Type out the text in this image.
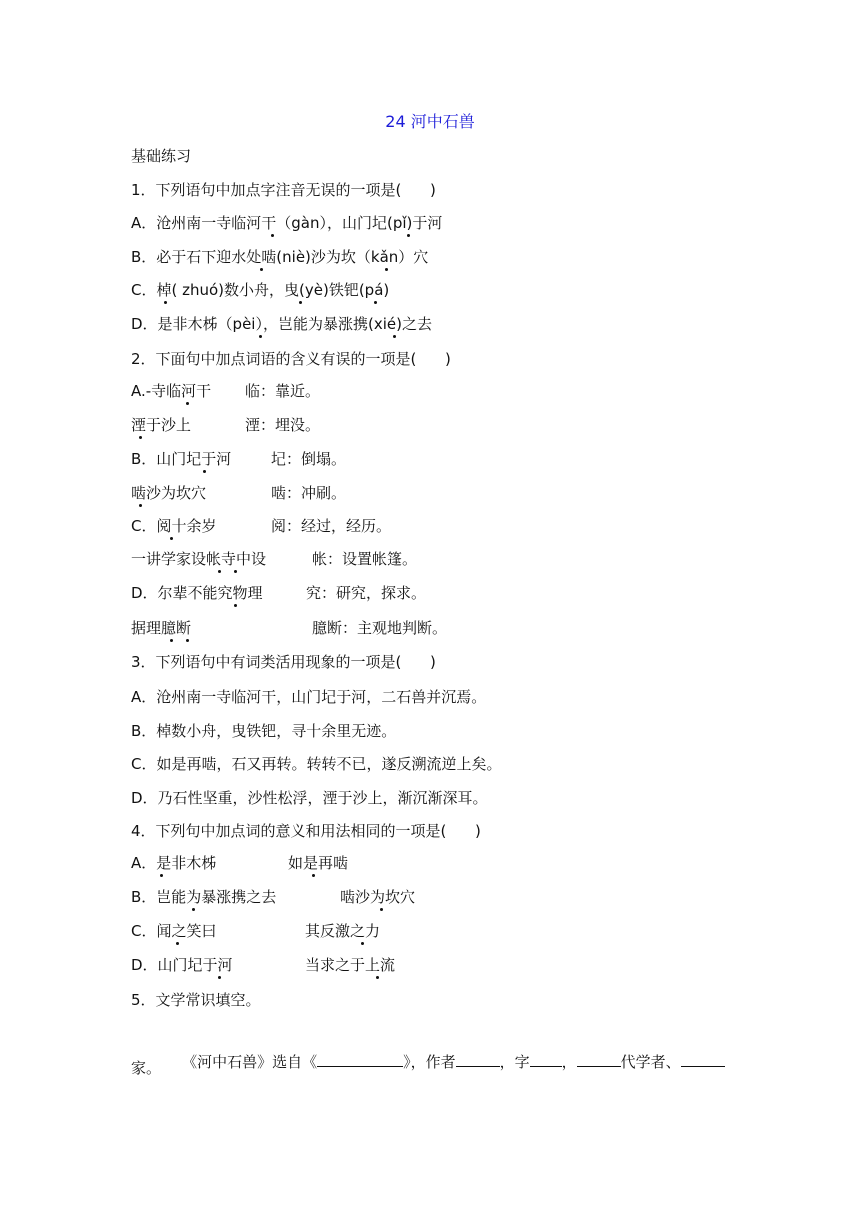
24 河中石兽
基础练习
1．下列语句中加点字注音无误的一项是(      )
A．沧州南一寺临河干（gàn），山门圮(pǐ)于河
B．必于石下迎水处啮(niè)沙为坎（kǎn）穴
C．棹( zhuó)数小舟，曳(yè)铁钯(pá)
D．是非木柹（pèi），岂能为暴涨携(xié)之去
2．下面句中加点词语的含义有误的一项是(      )
A.-寺临河干 临：靠近。
湮于沙上	湮：埋没。
B．山门圮于河	圮：倒塌。
啮沙为坎穴	啮：冲刷。
C．阅十余岁	阅：经过，经历。
一讲学家设帐寺中设	帐：设置帐篷。
D．尔辈不能究物理	究：研究，探求。
据理臆断	臆断：主观地判断。
3．下列语句中有词类活用现象的一项是(      )
A．沧州南一寺临河干，山门圮于河，二石兽并沉焉。
B．棹数小舟，曳铁钯，寻十余里无迹。
C．如是再啮，石又再转。转转不已，遂反溯流逆上矣。
D．乃石性坚重，沙性松浮，湮于沙上，渐沉渐深耳。
4．下列句中加点词的意义和用法相同的一项是(      )
A．是非木柹	如是再啮
B．岂能为暴涨携之去	啮沙为坎穴
C．闻之笑曰	其反激之力
D．山门圮于河	当求之于上流
5．文学常识填空。

《河中石兽》选自《	》，作者	，字 ，	代学者、

家。
